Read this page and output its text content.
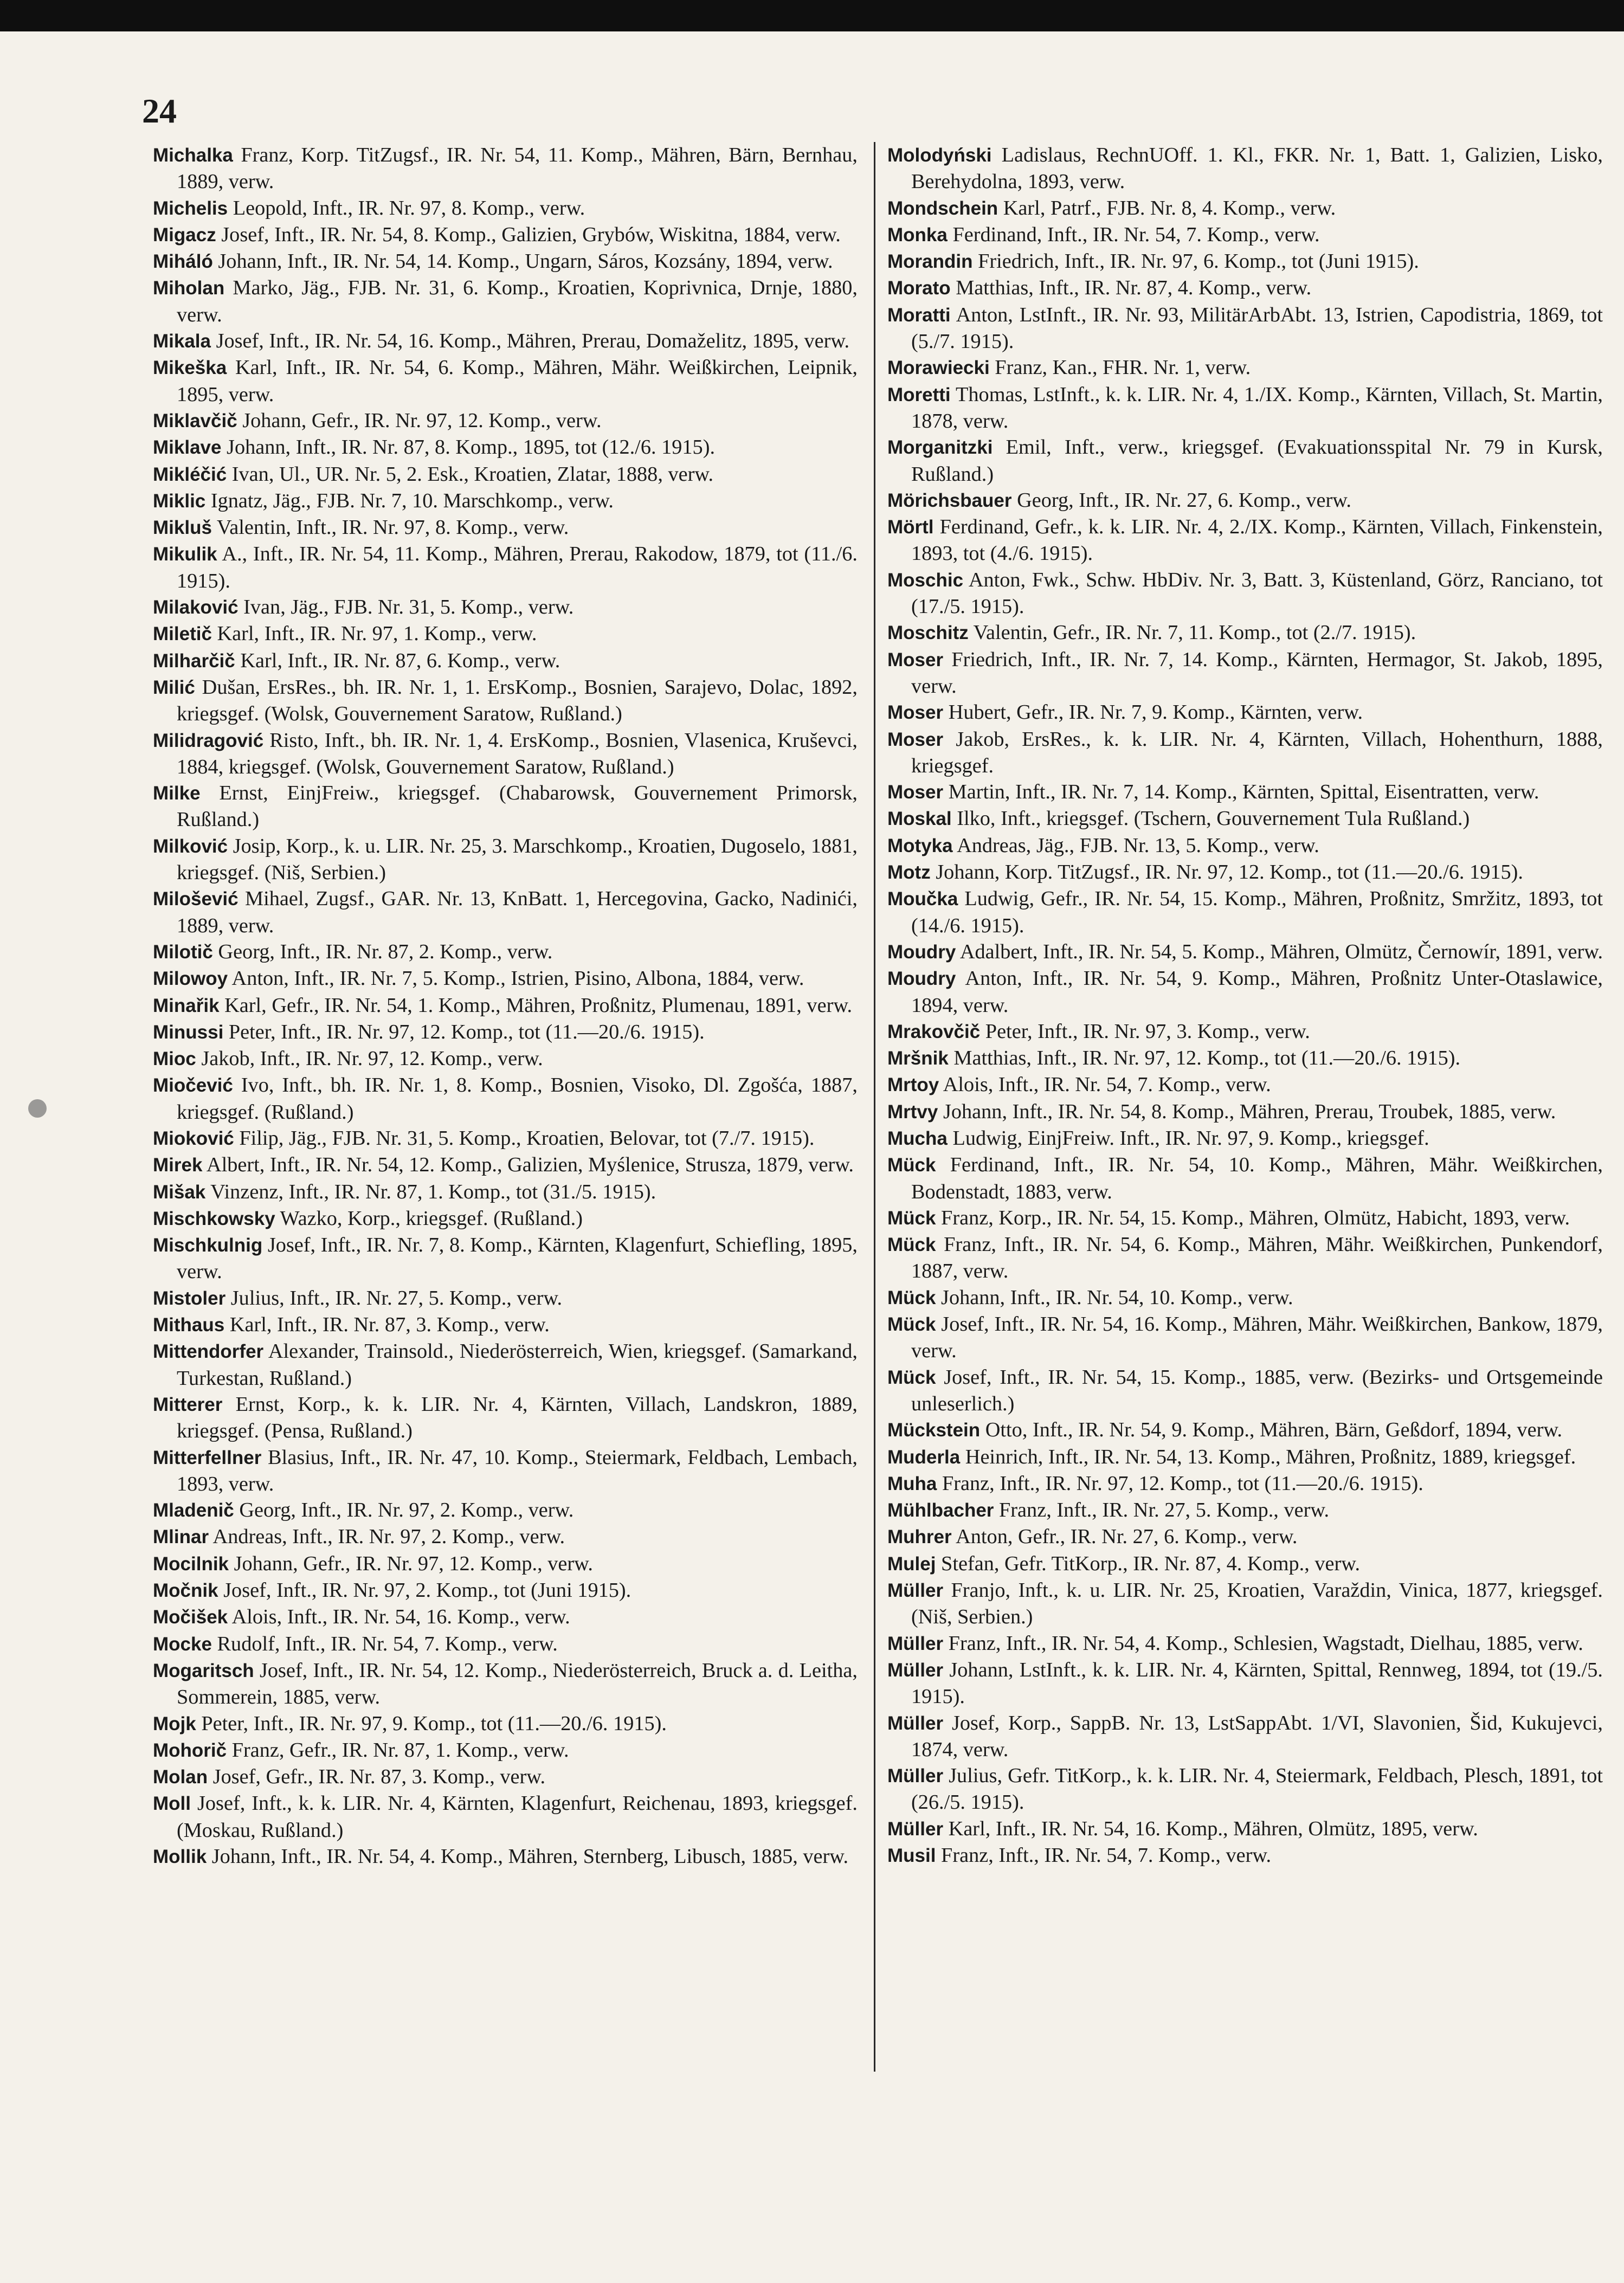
24

Michalka Franz, Korp. TitZugsf., IR. Nr. 54, 11. Komp., Mähren, Bärn, Bernhau, 1889, verw.

Michelis Leopold, Inft., IR. Nr. 97, 8. Komp., verw.

Migacz Josef, Inft., IR. Nr. 54, 8. Komp., Galizien, Grybów, Wiskitna, 1884, verw.

Miháló Johann, Inft., IR. Nr. 54, 14. Komp., Ungarn, Sáros, Kozsány, 1894, verw.

Miholan Marko, Jäg., FJB. Nr. 31, 6. Komp., Kroatien, Koprivnica, Drnje, 1880, verw.

Mikala Josef, Inft., IR. Nr. 54, 16. Komp., Mähren, Prerau, Domaželitz, 1895, verw.

Mikeška Karl, Inft., IR. Nr. 54, 6. Komp., Mähren, Mähr. Weißkirchen, Leipnik, 1895, verw.

Miklavčič Johann, Gefr., IR. Nr. 97, 12. Komp., verw.

Miklave Johann, Inft., IR. Nr. 87, 8. Komp., 1895, tot (12./6. 1915).

Mikléčić Ivan, Ul., UR. Nr. 5, 2. Esk., Kroatien, Zlatar, 1888, verw.

Miklic Ignatz, Jäg., FJB. Nr. 7, 10. Marschkomp., verw.

Mikluš Valentin, Inft., IR. Nr. 97, 8. Komp., verw.

Mikulik A., Inft., IR. Nr. 54, 11. Komp., Mähren, Prerau, Rakodow, 1879, tot (11./6. 1915).

Milaković Ivan, Jäg., FJB. Nr. 31, 5. Komp., verw.

Miletič Karl, Inft., IR. Nr. 97, 1. Komp., verw.

Milharčič Karl, Inft., IR. Nr. 87, 6. Komp., verw.

Milić Dušan, ErsRes., bh. IR. Nr. 1, 1. ErsKomp., Bosnien, Sarajevo, Dolac, 1892, kriegsgef. (Wolsk, Gouvernement Saratow, Rußland.)

Milidragović Risto, Inft., bh. IR. Nr. 1, 4. ErsKomp., Bosnien, Vlasenica, Kruševci, 1884, kriegsgef. (Wolsk, Gouvernement Saratow, Rußland.)

Milke Ernst, EinjFreiw., kriegsgef. (Chabarowsk, Gouvernement Primorsk, Rußland.)

Milković Josip, Korp., k. u. LIR. Nr. 25, 3. Marschkomp., Kroatien, Dugoselo, 1881, kriegsgef. (Niš, Serbien.)

Milošević Mihael, Zugsf., GAR. Nr. 13, KnBatt. 1, Hercegovina, Gacko, Nadinići, 1889, verw.

Milotič Georg, Inft., IR. Nr. 87, 2. Komp., verw.

Milowoy Anton, Inft., IR. Nr. 7, 5. Komp., Istrien, Pisino, Albona, 1884, verw.

Minařik Karl, Gefr., IR. Nr. 54, 1. Komp., Mähren, Proßnitz, Plumenau, 1891, verw.

Minussi Peter, Inft., IR. Nr. 97, 12. Komp., tot (11.—20./6. 1915).

Mioc Jakob, Inft., IR. Nr. 97, 12. Komp., verw.

Miočević Ivo, Inft., bh. IR. Nr. 1, 8. Komp., Bosnien, Visoko, Dl. Zgošća, 1887, kriegsgef. (Rußland.)

Mioković Filip, Jäg., FJB. Nr. 31, 5. Komp., Kroatien, Belovar, tot (7./7. 1915).

Mirek Albert, Inft., IR. Nr. 54, 12. Komp., Galizien, Myślenice, Strusza, 1879, verw.

Mišak Vinzenz, Inft., IR. Nr. 87, 1. Komp., tot (31./5. 1915).

Mischkowsky Wazko, Korp., kriegsgef. (Rußland.)

Mischkulnig Josef, Inft., IR. Nr. 7, 8. Komp., Kärnten, Klagenfurt, Schiefling, 1895, verw.

Mistoler Julius, Inft., IR. Nr. 27, 5. Komp., verw.

Mithaus Karl, Inft., IR. Nr. 87, 3. Komp., verw.

Mittendorfer Alexander, Trainsold., Niederösterreich, Wien, kriegsgef. (Samarkand, Turkestan, Rußland.)

Mitterer Ernst, Korp., k. k. LIR. Nr. 4, Kärnten, Villach, Landskron, 1889, kriegsgef. (Pensa, Rußland.)

Mitterfellner Blasius, Inft., IR. Nr. 47, 10. Komp., Steiermark, Feldbach, Lembach, 1893, verw.

Mladenič Georg, Inft., IR. Nr. 97, 2. Komp., verw.

Mlinar Andreas, Inft., IR. Nr. 97, 2. Komp., verw.

Mocilnik Johann, Gefr., IR. Nr. 97, 12. Komp., verw.

Močnik Josef, Inft., IR. Nr. 97, 2. Komp., tot (Juni 1915).

Močišek Alois, Inft., IR. Nr. 54, 16. Komp., verw.

Mocke Rudolf, Inft., IR. Nr. 54, 7. Komp., verw.

Mogaritsch Josef, Inft., IR. Nr. 54, 12. Komp., Niederösterreich, Bruck a. d. Leitha, Sommerein, 1885, verw.

Mojk Peter, Inft., IR. Nr. 97, 9. Komp., tot (11.—20./6. 1915).

Mohorič Franz, Gefr., IR. Nr. 87, 1. Komp., verw.

Molan Josef, Gefr., IR. Nr. 87, 3. Komp., verw.

Moll Josef, Inft., k. k. LIR. Nr. 4, Kärnten, Klagenfurt, Reichenau, 1893, kriegsgef. (Moskau, Rußland.)

Mollik Johann, Inft., IR. Nr. 54, 4. Komp., Mähren, Sternberg, Libusch, 1885, verw.

Molodyński Ladislaus, RechnUOff. 1. Kl., FKR. Nr. 1, Batt. 1, Galizien, Lisko, Berehydolna, 1893, verw.

Mondschein Karl, Patrf., FJB. Nr. 8, 4. Komp., verw.

Monka Ferdinand, Inft., IR. Nr. 54, 7. Komp., verw.

Morandin Friedrich, Inft., IR. Nr. 97, 6. Komp., tot (Juni 1915).

Morato Matthias, Inft., IR. Nr. 87, 4. Komp., verw.

Moratti Anton, LstInft., IR. Nr. 93, MilitärArbAbt. 13, Istrien, Capodistria, 1869, tot (5./7. 1915).

Morawiecki Franz, Kan., FHR. Nr. 1, verw.

Moretti Thomas, LstInft., k. k. LIR. Nr. 4, 1./IX. Komp., Kärnten, Villach, St. Martin, 1878, verw.

Morganitzki Emil, Inft., verw., kriegsgef. (Evakuationsspital Nr. 79 in Kursk, Rußland.)

Mörichsbauer Georg, Inft., IR. Nr. 27, 6. Komp., verw.

Mörtl Ferdinand, Gefr., k. k. LIR. Nr. 4, 2./IX. Komp., Kärnten, Villach, Finkenstein, 1893, tot (4./6. 1915).

Moschic Anton, Fwk., Schw. HbDiv. Nr. 3, Batt. 3, Küstenland, Görz, Ranciano, tot (17./5. 1915).

Moschitz Valentin, Gefr., IR. Nr. 7, 11. Komp., tot (2./7. 1915).

Moser Friedrich, Inft., IR. Nr. 7, 14. Komp., Kärnten, Hermagor, St. Jakob, 1895, verw.

Moser Hubert, Gefr., IR. Nr. 7, 9. Komp., Kärnten, verw.

Moser Jakob, ErsRes., k. k. LIR. Nr. 4, Kärnten, Villach, Hohenthurn, 1888, kriegsgef.

Moser Martin, Inft., IR. Nr. 7, 14. Komp., Kärnten, Spittal, Eisentratten, verw.

Moskal Ilko, Inft., kriegsgef. (Tschern, Gouvernement Tula Rußland.)

Motyka Andreas, Jäg., FJB. Nr. 13, 5. Komp., verw.

Motz Johann, Korp. TitZugsf., IR. Nr. 97, 12. Komp., tot (11.—20./6. 1915).

Moučka Ludwig, Gefr., IR. Nr. 54, 15. Komp., Mähren, Proßnitz, Smržitz, 1893, tot (14./6. 1915).

Moudry Adalbert, Inft., IR. Nr. 54, 5. Komp., Mähren, Olmütz, Černowír, 1891, verw.

Moudry Anton, Inft., IR. Nr. 54, 9. Komp., Mähren, Proßnitz Unter-Otaslawice, 1894, verw.

Mrakovčič Peter, Inft., IR. Nr. 97, 3. Komp., verw.

Mršnik Matthias, Inft., IR. Nr. 97, 12. Komp., tot (11.—20./6. 1915).

Mrtoy Alois, Inft., IR. Nr. 54, 7. Komp., verw.

Mrtvy Johann, Inft., IR. Nr. 54, 8. Komp., Mähren, Prerau, Troubek, 1885, verw.

Mucha Ludwig, EinjFreiw. Inft., IR. Nr. 97, 9. Komp., kriegsgef.

Mück Ferdinand, Inft., IR. Nr. 54, 10. Komp., Mähren, Mähr. Weißkirchen, Bodenstadt, 1883, verw.

Mück Franz, Korp., IR. Nr. 54, 15. Komp., Mähren, Olmütz, Habicht, 1893, verw.

Mück Franz, Inft., IR. Nr. 54, 6. Komp., Mähren, Mähr. Weißkirchen, Punkendorf, 1887, verw.

Mück Johann, Inft., IR. Nr. 54, 10. Komp., verw.

Mück Josef, Inft., IR. Nr. 54, 16. Komp., Mähren, Mähr. Weißkirchen, Bankow, 1879, verw.

Mück Josef, Inft., IR. Nr. 54, 15. Komp., 1885, verw. (Bezirks- und Ortsgemeinde unleserlich.)

Mückstein Otto, Inft., IR. Nr. 54, 9. Komp., Mähren, Bärn, Geßdorf, 1894, verw.

Muderla Heinrich, Inft., IR. Nr. 54, 13. Komp., Mähren, Proßnitz, 1889, kriegsgef.

Muha Franz, Inft., IR. Nr. 97, 12. Komp., tot (11.—20./6. 1915).

Mühlbacher Franz, Inft., IR. Nr. 27, 5. Komp., verw.

Muhrer Anton, Gefr., IR. Nr. 27, 6. Komp., verw.

Mulej Stefan, Gefr. TitKorp., IR. Nr. 87, 4. Komp., verw.

Müller Franjo, Inft., k. u. LIR. Nr. 25, Kroatien, Varaždin, Vinica, 1877, kriegsgef. (Niš, Serbien.)

Müller Franz, Inft., IR. Nr. 54, 4. Komp., Schlesien, Wagstadt, Dielhau, 1885, verw.

Müller Johann, LstInft., k. k. LIR. Nr. 4, Kärnten, Spittal, Rennweg, 1894, tot (19./5. 1915).

Müller Josef, Korp., SappB. Nr. 13, LstSappAbt. 1/VI, Slavonien, Šid, Kukujevci, 1874, verw.

Müller Julius, Gefr. TitKorp., k. k. LIR. Nr. 4, Steiermark, Feldbach, Plesch, 1891, tot (26./5. 1915).

Müller Karl, Inft., IR. Nr. 54, 16. Komp., Mähren, Olmütz, 1895, verw.

Musil Franz, Inft., IR. Nr. 54, 7. Komp., verw.
